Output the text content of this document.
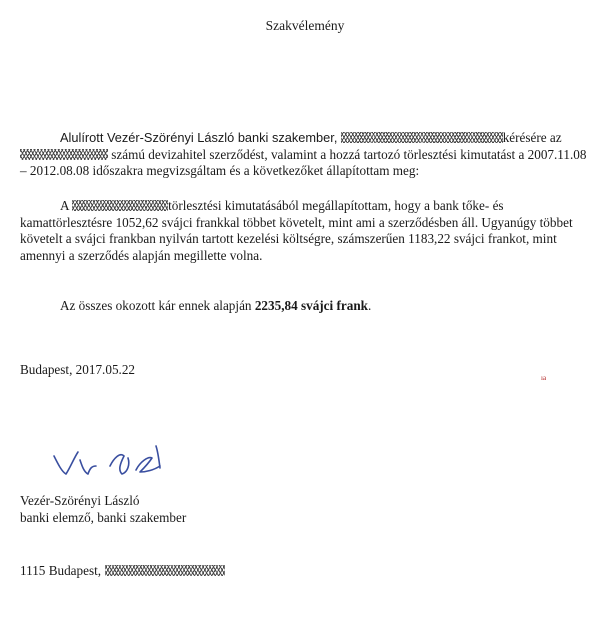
Szakvélemény

Alulírott Vezér-Szörényi László banki szakember,	kérésére az  számú devizahitel szerződést, valamint a hozzá tartozó törlesztési kimutatást a 2007.11.08 – 2012.08.08 időszakra megvizsgáltam és a következőket állapítottam meg:

A	törlesztési kimutatásából megállapítottam, hogy a bank tőke- és kamattörlesztésre 1052,62 svájci frankkal többet követelt, mint ami a szerződésben áll. Ugyanúgy többet követelt a svájci frankban nyilván tartott kezelési költségre, számszerűen 1183,22 svájci frankot, mint amennyi a szerződés alapján megillette volna.

Az összes okozott kár ennek alapján 2235,84 svájci frank.

Budapest, 2017.05.22
ıa
Vezér-Szörényi László
banki elemző, banki szakember
1115 Budapest,
